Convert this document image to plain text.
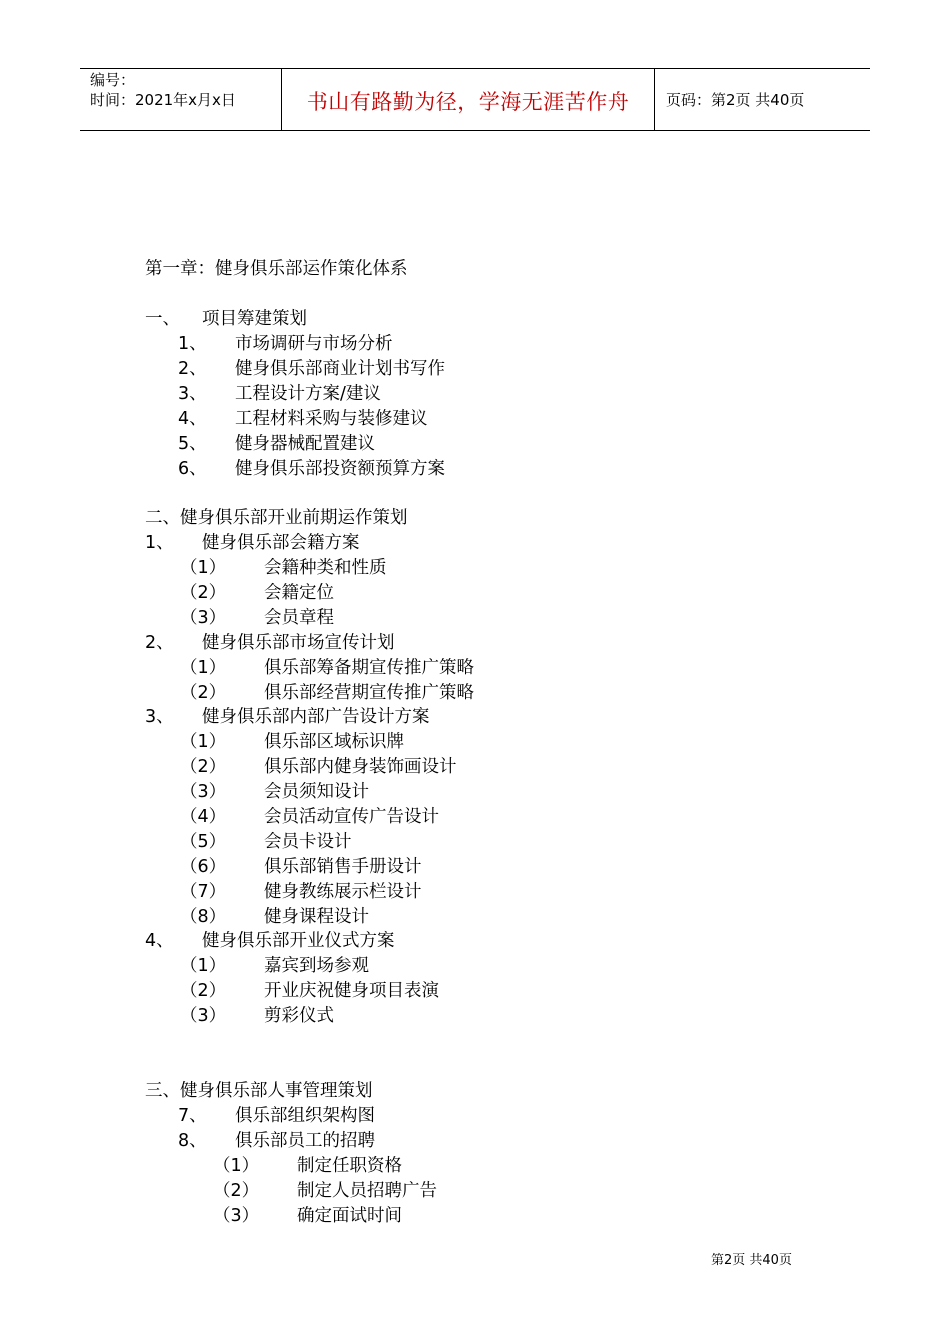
编号：
时间：2021年x月x日	书山有路勤为径，学海无涯苦作舟	页码：第2页 共40页
第一章：健身俱乐部运作策化体系
一、 项目筹建策划
1、 市场调研与市场分析
2、 健身俱乐部商业计划书写作
3、 工程设计方案/建议
4、 工程材料采购与装修建议
5、 健身器械配置建议
6、 健身俱乐部投资额预算方案
二、健身俱乐部开业前期运作策划
1、 健身俱乐部会籍方案
（1） 会籍种类和性质
（2） 会籍定位
（3） 会员章程
2、 健身俱乐部市场宣传计划
（1） 俱乐部筹备期宣传推广策略
（2） 俱乐部经营期宣传推广策略
3、 健身俱乐部内部广告设计方案
（1） 俱乐部区域标识牌
（2） 俱乐部内健身装饰画设计
（3） 会员须知设计
（4） 会员活动宣传广告设计
（5） 会员卡设计
（6） 俱乐部销售手册设计
（7） 健身教练展示栏设计
（8） 健身课程设计
4、 健身俱乐部开业仪式方案
（1） 嘉宾到场参观
（2） 开业庆祝健身项目表演
（3） 剪彩仪式
三、健身俱乐部人事管理策划
7、 俱乐部组织架构图
8、 俱乐部员工的招聘
（1） 制定任职资格
（2） 制定人员招聘广告
（3） 确定面试时间
第2页 共40页
